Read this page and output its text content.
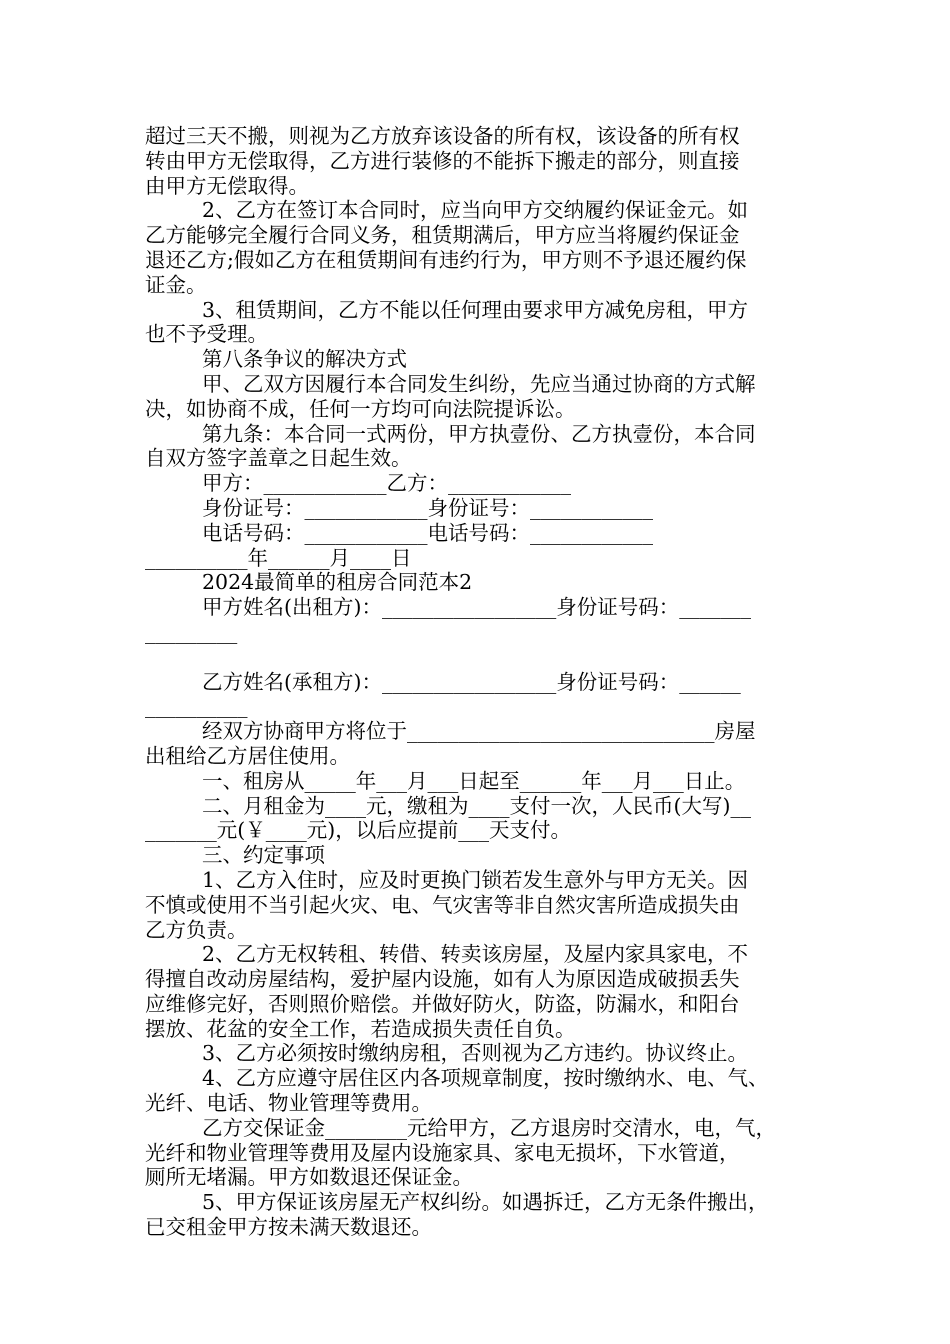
超过三天不搬，则视为乙方放弃该设备的所有权，该设备的所有权
转由甲方无偿取得，乙方进行装修的不能拆下搬走的部分，则直接
由甲方无偿取得。
2、乙方在签订本合同时，应当向甲方交纳履约保证金元。如
乙方能够完全履行合同义务，租赁期满后，甲方应当将履约保证金
退还乙方;假如乙方在租赁期间有违约行为，甲方则不予退还履约保
证金。
3、租赁期间，乙方不能以任何理由要求甲方减免房租，甲方
也不予受理。
第八条争议的解决方式
甲、乙双方因履行本合同发生纠纷，先应当通过协商的方式解
决，如协商不成，任何一方均可向法院提诉讼。
第九条：本合同一式两份，甲方执壹份、乙方执壹份，本合同
自双方签字盖章之日起生效。
甲方：____________乙方：____________
身份证号：____________身份证号：____________
电话号码：____________电话号码：____________
__________年______月____日
2024最简单的租房合同范本2
甲方姓名(出租方)：_________________身份证号码：_______
_________
乙方姓名(承租方)：_________________身份证号码：______
__________
经双方协商甲方将位于______________________________房屋
出租给乙方居住使用。
一、租房从_____年___月___日起至______年___月___日止。
二、月租金为____元，缴租为____支付一次，人民币(大写)__
_______元(￥____元)，以后应提前___天支付。
三、约定事项
1、乙方入住时，应及时更换门锁若发生意外与甲方无关。因
不慎或使用不当引起火灾、电、气灾害等非自然灾害所造成损失由
乙方负责。
2、乙方无权转租、转借、转卖该房屋，及屋内家具家电，不
得擅自改动房屋结构，爱护屋内设施，如有人为原因造成破损丢失
应维修完好，否则照价赔偿。并做好防火，防盗，防漏水，和阳台
摆放、花盆的安全工作，若造成损失责任自负。
3、乙方必须按时缴纳房租，否则视为乙方违约。协议终止。
4、乙方应遵守居住区内各项规章制度，按时缴纳水、电、气、
光纤、电话、物业管理等费用。
乙方交保证金________元给甲方，乙方退房时交清水，电，气，
光纤和物业管理等费用及屋内设施家具、家电无损坏，下水管道，
厕所无堵漏。甲方如数退还保证金。
5、甲方保证该房屋无产权纠纷。如遇拆迁，乙方无条件搬出，
已交租金甲方按未满天数退还。
